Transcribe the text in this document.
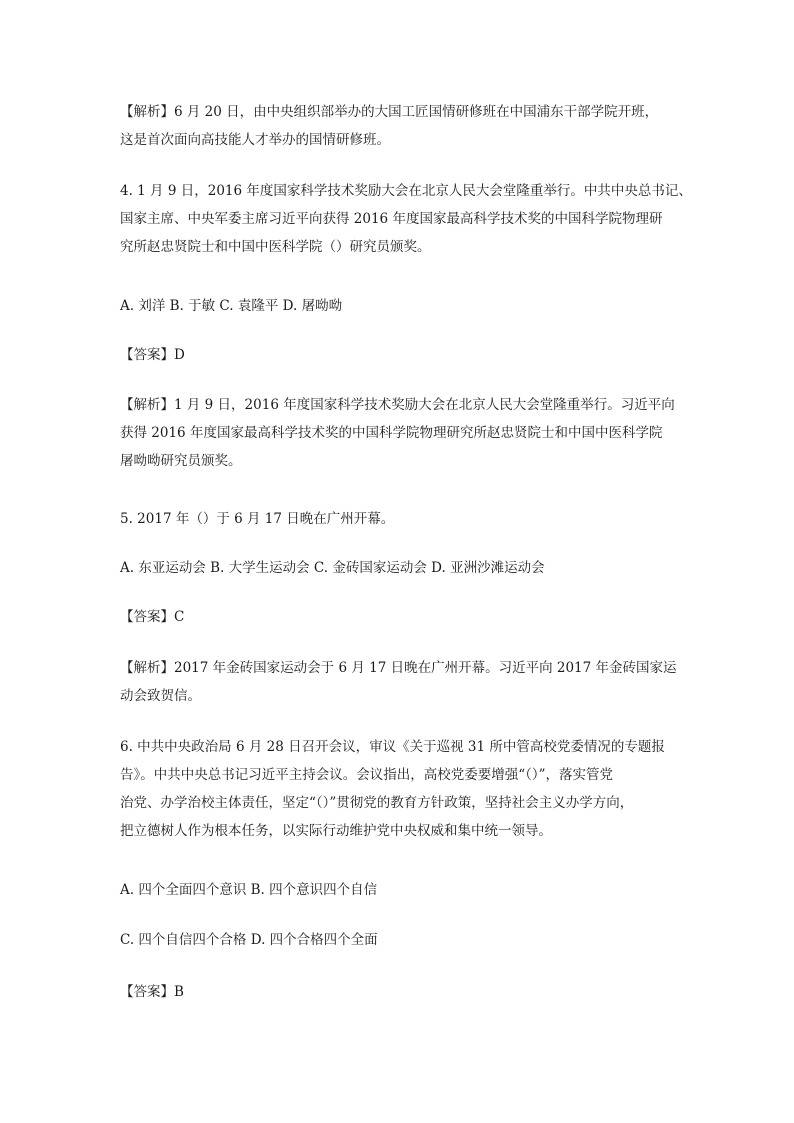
【解析】6 月 20 日，由中央组织部举办的大国工匠国情研修班在中国浦东干部学院开班，
这是首次面向高技能人才举办的国情研修班。
4. 1 月 9 日，2016 年度国家科学技术奖励大会在北京人民大会堂隆重举行。中共中央总书记、
国家主席、中央军委主席习近平向获得 2016 年度国家最高科学技术奖的中国科学院物理研
究所赵忠贤院士和中国中医科学院（）研究员颁奖。
A. 刘洋 B. 于敏 C. 袁隆平 D. 屠呦呦
【答案】D
【解析】1 月 9 日，2016 年度国家科学技术奖励大会在北京人民大会堂隆重举行。习近平向
获得 2016 年度国家最高科学技术奖的中国科学院物理研究所赵忠贤院士和中国中医科学院
屠呦呦研究员颁奖。
5. 2017 年（）于 6 月 17 日晚在广州开幕。
A. 东亚运动会 B. 大学生运动会 C. 金砖国家运动会 D. 亚洲沙滩运动会
【答案】C
【解析】2017 年金砖国家运动会于 6 月 17 日晚在广州开幕。习近平向 2017 年金砖国家运
动会致贺信。
6. 中共中央政治局 6 月 28 日召开会议，审议《关于巡视 31 所中管高校党委情况的专题报
告》。中共中央总书记习近平主持会议。会议指出，高校党委要增强“（）”，落实管党
治党、办学治校主体责任，坚定“（）”贯彻党的教育方针政策，坚持社会主义办学方向，
把立德树人作为根本任务，以实际行动维护党中央权威和集中统一领导。
A. 四个全面四个意识 B. 四个意识四个自信
C. 四个自信四个合格 D. 四个合格四个全面
【答案】B
